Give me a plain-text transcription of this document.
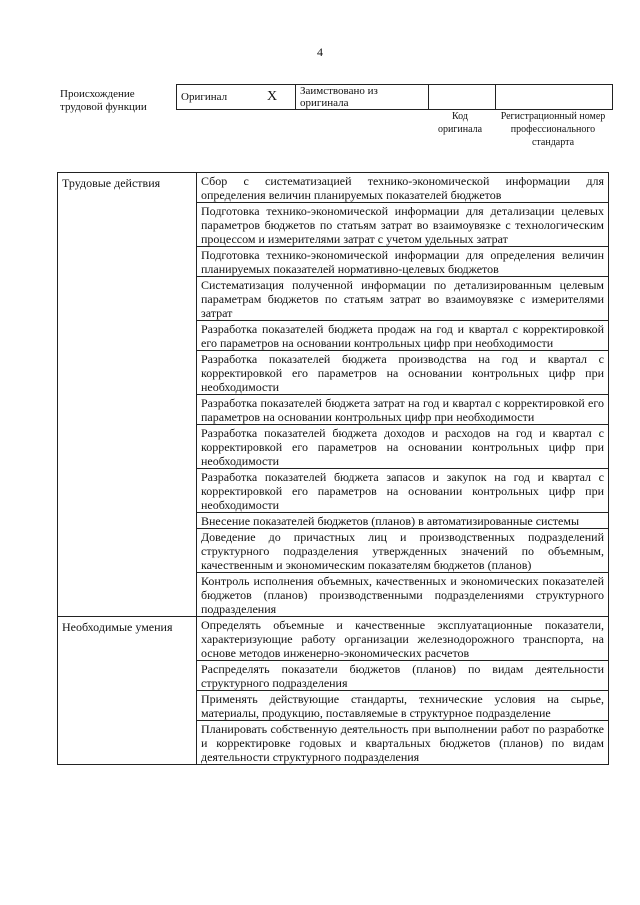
4
Происхождение трудовой функции
Оригинал	X	Заимствовано из оригинала		
Код оригинала
Регистрационный номер профессионального стандарта
Трудовые действия	Сбор с систематизацией технико-экономической информации для определения величин планируемых показателей бюджетов
	Подготовка технико-экономической информации для детализации целевых параметров бюджетов по статьям затрат во взаимоувязке с технологическим процессом и измерителями затрат с учетом удельных затрат
	Подготовка технико-экономической информации для определения величин планируемых показателей нормативно-целевых бюджетов
	Систематизация полученной информации по детализированным целевым параметрам бюджетов по статьям затрат во взаимоувязке с измерителями затрат
	Разработка показателей бюджета продаж на год и квартал с корректировкой его параметров на основании контрольных цифр при необходимости
	Разработка показателей бюджета производства на год и квартал с корректировкой его параметров на основании контрольных цифр при необходимости
	Разработка показателей бюджета затрат на год и квартал с корректировкой его параметров на основании контрольных цифр при необходимости
	Разработка показателей бюджета доходов и расходов на год и квартал с корректировкой его параметров на основании контрольных цифр при необходимости
	Разработка показателей бюджета запасов и закупок на год и квартал с корректировкой его параметров на основании контрольных цифр при необходимости
	Внесение показателей бюджетов (планов) в автоматизированные системы
	Доведение до причастных лиц и производственных подразделений структурного подразделения утвержденных значений по объемным, качественным и экономическим показателям бюджетов (планов)
	Контроль исполнения объемных, качественных и экономических показателей бюджетов (планов) производственными подразделениями структурного подразделения
Необходимые умения	Определять объемные и качественные эксплуатационные показатели, характеризующие работу организации железнодорожного транспорта, на основе методов инженерно-экономических расчетов
	Распределять показатели бюджетов (планов) по видам деятельности структурного подразделения
	Применять действующие стандарты, технические условия на сырье, материалы, продукцию, поставляемые в структурное подразделение
	Планировать собственную деятельность при выполнении работ по разработке и корректировке годовых и квартальных бюджетов (планов) по видам деятельности структурного подразделения
